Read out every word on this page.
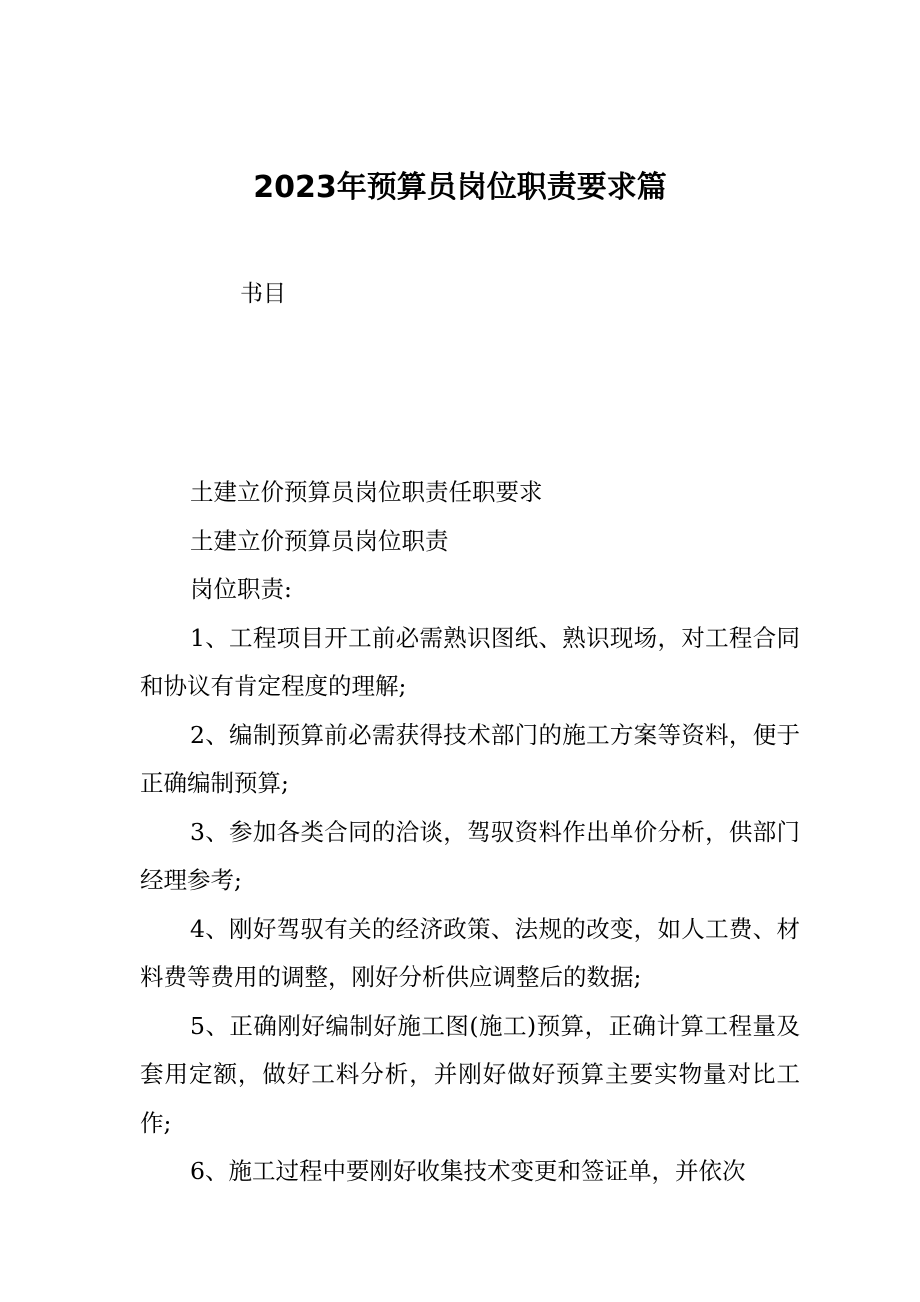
2023年预算员岗位职责要求篇
书目

土建立价预算员岗位职责任职要求

土建立价预算员岗位职责

岗位职责:

1、工程项目开工前必需熟识图纸、熟识现场，对工程合同和协议有肯定程度的理解;

2、编制预算前必需获得技术部门的施工方案等资料，便于正确编制预算;

3、参加各类合同的洽谈，驾驭资料作出单价分析，供部门经理参考;

4、刚好驾驭有关的经济政策、法规的改变，如人工费、材料费等费用的调整，刚好分析供应调整后的数据;

5、正确刚好编制好施工图(施工)预算，正确计算工程量及套用定额，做好工料分析，并刚好做好预算主要实物量对比工作;

6、施工过程中要刚好收集技术变更和签证单，并依次
